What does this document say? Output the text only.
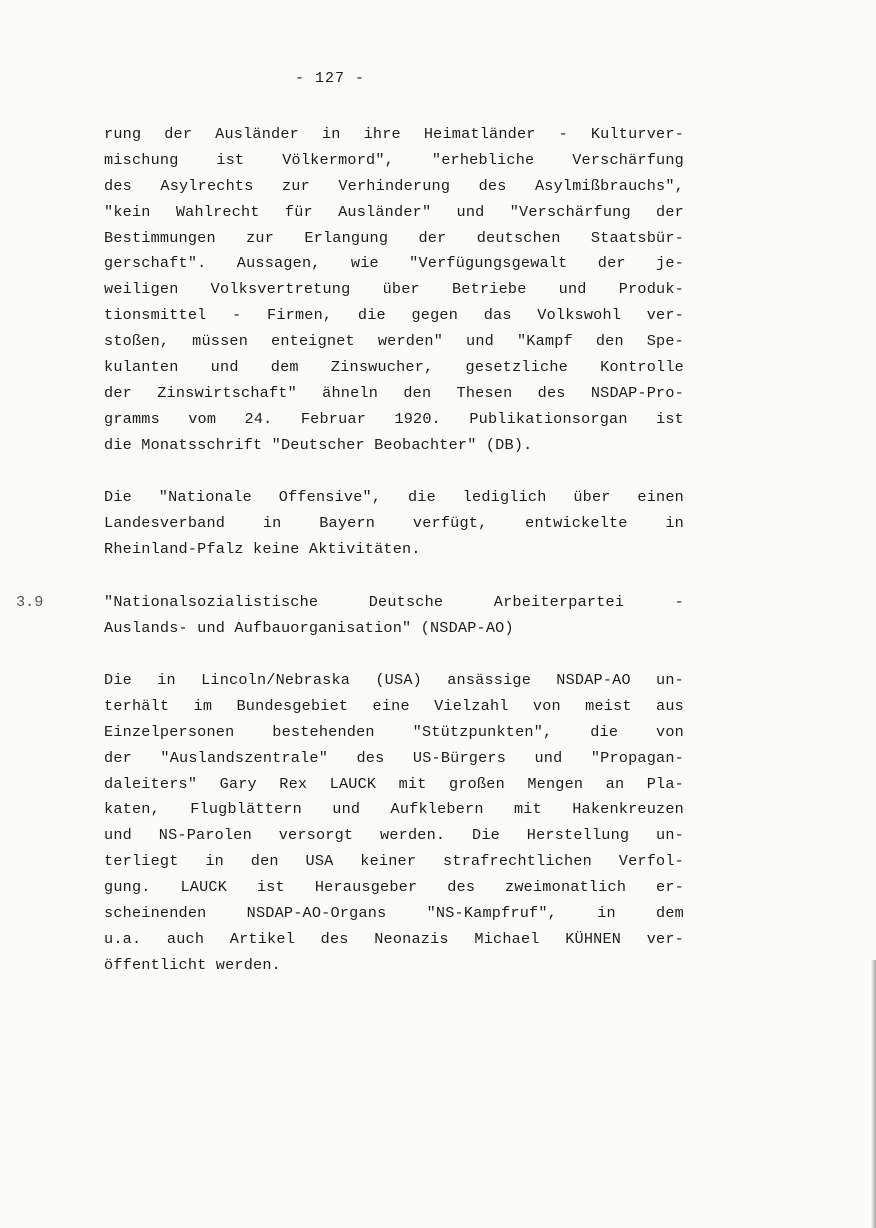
- 127 -
rung der Ausländer in ihre Heimatländer - Kulturver-
mischung ist Völkermord", "erhebliche Verschärfung
des Asylrechts zur Verhinderung des Asylmißbrauchs",
"kein Wahlrecht für Ausländer" und "Verschärfung der
Bestimmungen zur Erlangung der deutschen Staatsbür-
gerschaft". Aussagen, wie "Verfügungsgewalt der je-
weiligen Volksvertretung über Betriebe und Produk-
tionsmittel - Firmen, die gegen das Volkswohl ver-
stoßen, müssen enteignet werden" und "Kampf den Spe-
kulanten und dem Zinswucher, gesetzliche Kontrolle
der Zinswirtschaft" ähneln den Thesen des NSDAP-Pro-
gramms vom 24. Februar 1920. Publikationsorgan ist
die Monatsschrift "Deutscher Beobachter" (DB).
Die "Nationale Offensive", die lediglich über einen
Landesverband in Bayern verfügt, entwickelte in
Rheinland-Pfalz keine Aktivitäten.
3.9	"Nationalsozialistische Deutsche Arbeiterpartei -
Auslands- und Aufbauorganisation" (NSDAP-AO)
Die in Lincoln/Nebraska (USA) ansässige NSDAP-AO un-
terhält im Bundesgebiet eine Vielzahl von meist aus
Einzelpersonen bestehenden "Stützpunkten", die von
der "Auslandszentrale" des US-Bürgers und "Propagan-
daleiters" Gary Rex LAUCK mit großen Mengen an Pla-
katen, Flugblättern und Aufklebern mit Hakenkreuzen
und NS-Parolen versorgt werden. Die Herstellung un-
terliegt in den USA keiner strafrechtlichen Verfol-
gung. LAUCK ist Herausgeber des zweimonatlich er-
scheinenden NSDAP-AO-Organs "NS-Kampfruf", in dem
u.a. auch Artikel des Neonazis Michael KÜHNEN ver-
öffentlicht werden.
